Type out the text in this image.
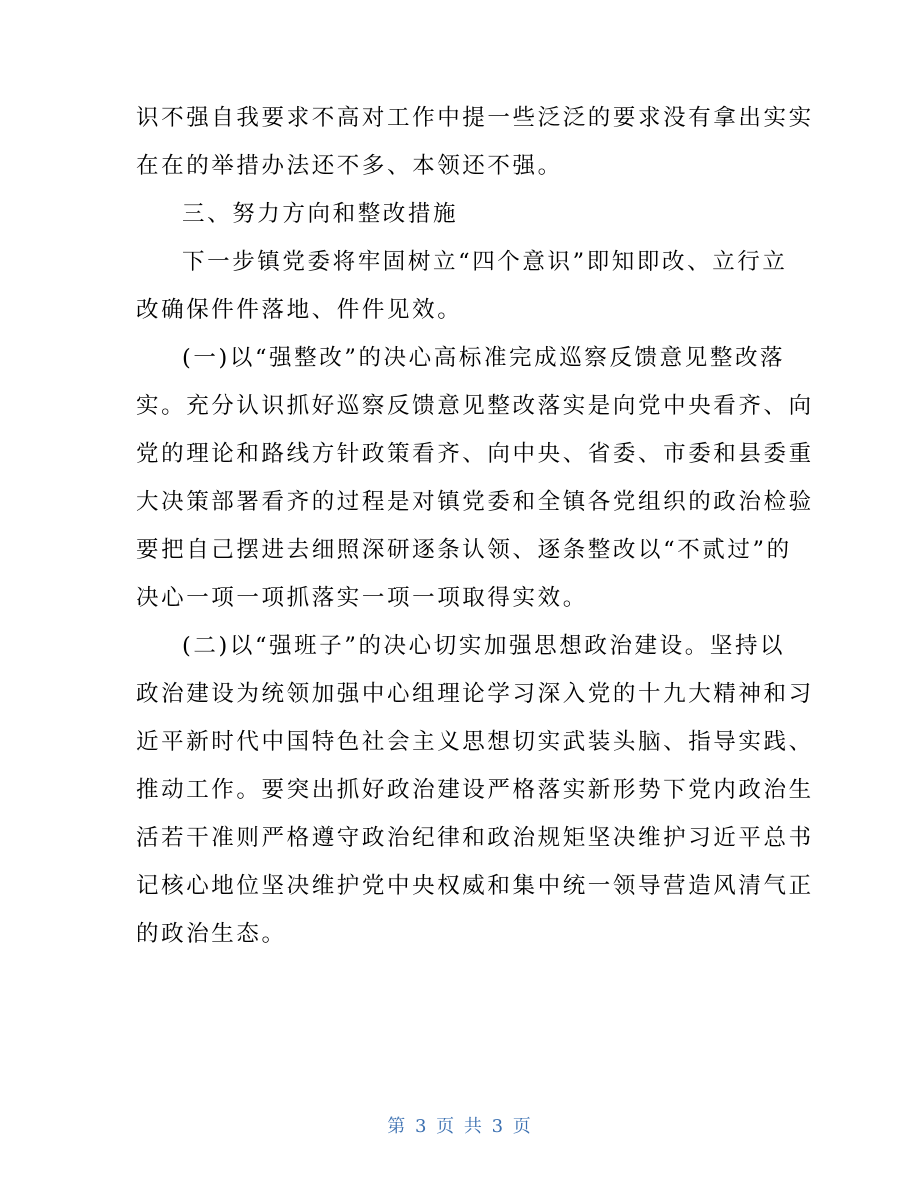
识不强自我要求不高对工作中提一些泛泛的要求没有拿出实实
在在的举措办法还不多、本领还不强。
三、努力方向和整改措施
下一步镇党委将牢固树立“四个意识”即知即改、立行立
改确保件件落地、件件见效。
(一)以“强整改”的决心高标准完成巡察反馈意见整改落
实。充分认识抓好巡察反馈意见整改落实是向党中央看齐、向
党的理论和路线方针政策看齐、向中央、省委、市委和县委重
大决策部署看齐的过程是对镇党委和全镇各党组织的政治检验
要把自己摆进去细照深研逐条认领、逐条整改以“不贰过”的
决心一项一项抓落实一项一项取得实效。
(二)以“强班子”的决心切实加强思想政治建设。坚持以
政治建设为统领加强中心组理论学习深入党的十九大精神和习
近平新时代中国特色社会主义思想切实武装头脑、指导实践、
推动工作。要突出抓好政治建设严格落实新形势下党内政治生
活若干准则严格遵守政治纪律和政治规矩坚决维护习近平总书
记核心地位坚决维护党中央权威和集中统一领导营造风清气正
的政治生态。
第 3 页 共 3 页
